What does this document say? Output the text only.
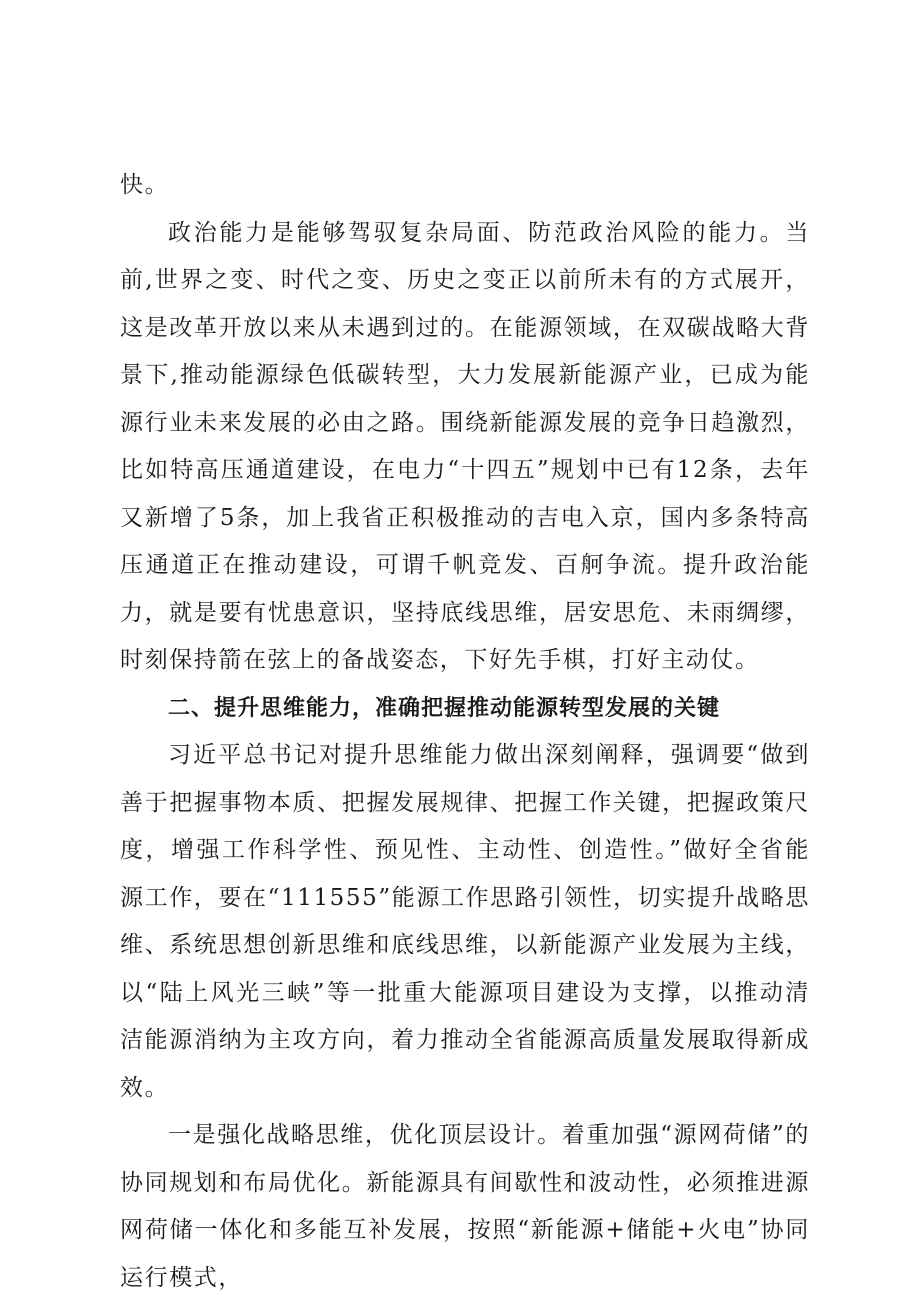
快。

政治能力是能够驾驭复杂局面、防范政治风险的能力。当前,世界之变、时代之变、历史之变正以前所未有的方式展开，这是改革开放以来从未遇到过的。在能源领域，在双碳战略大背景下,推动能源绿色低碳转型，大力发展新能源产业，已成为能源行业未来发展的必由之路。围绕新能源发展的竞争日趋激烈，比如特高压通道建设，在电力“十四五”规划中已有12条，去年又新增了5条，加上我省正积极推动的吉电入京，国内多条特高压通道正在推动建设，可谓千帆竞发、百舸争流。提升政治能力，就是要有忧患意识，坚持底线思维，居安思危、未雨绸缪，时刻保持箭在弦上的备战姿态，下好先手棋，打好主动仗。

二、提升思维能力，准确把握推动能源转型发展的关键

习近平总书记对提升思维能力做出深刻阐释，强调要“做到善于把握事物本质、把握发展规律、把握工作关键，把握政策尺度，增强工作科学性、预见性、主动性、创造性。”做好全省能源工作，要在“111555”能源工作思路引领性，切实提升战略思维、系统思想创新思维和底线思维，以新能源产业发展为主线，以“陆上风光三峡”等一批重大能源项目建设为支撑，以推动清洁能源消纳为主攻方向，着力推动全省能源高质量发展取得新成效。

一是强化战略思维，优化顶层设计。着重加强“源网荷储”的协同规划和布局优化。新能源具有间歇性和波动性，必须推进源网荷储一体化和多能互补发展，按照“新能源+储能+火电”协同运行模式，
